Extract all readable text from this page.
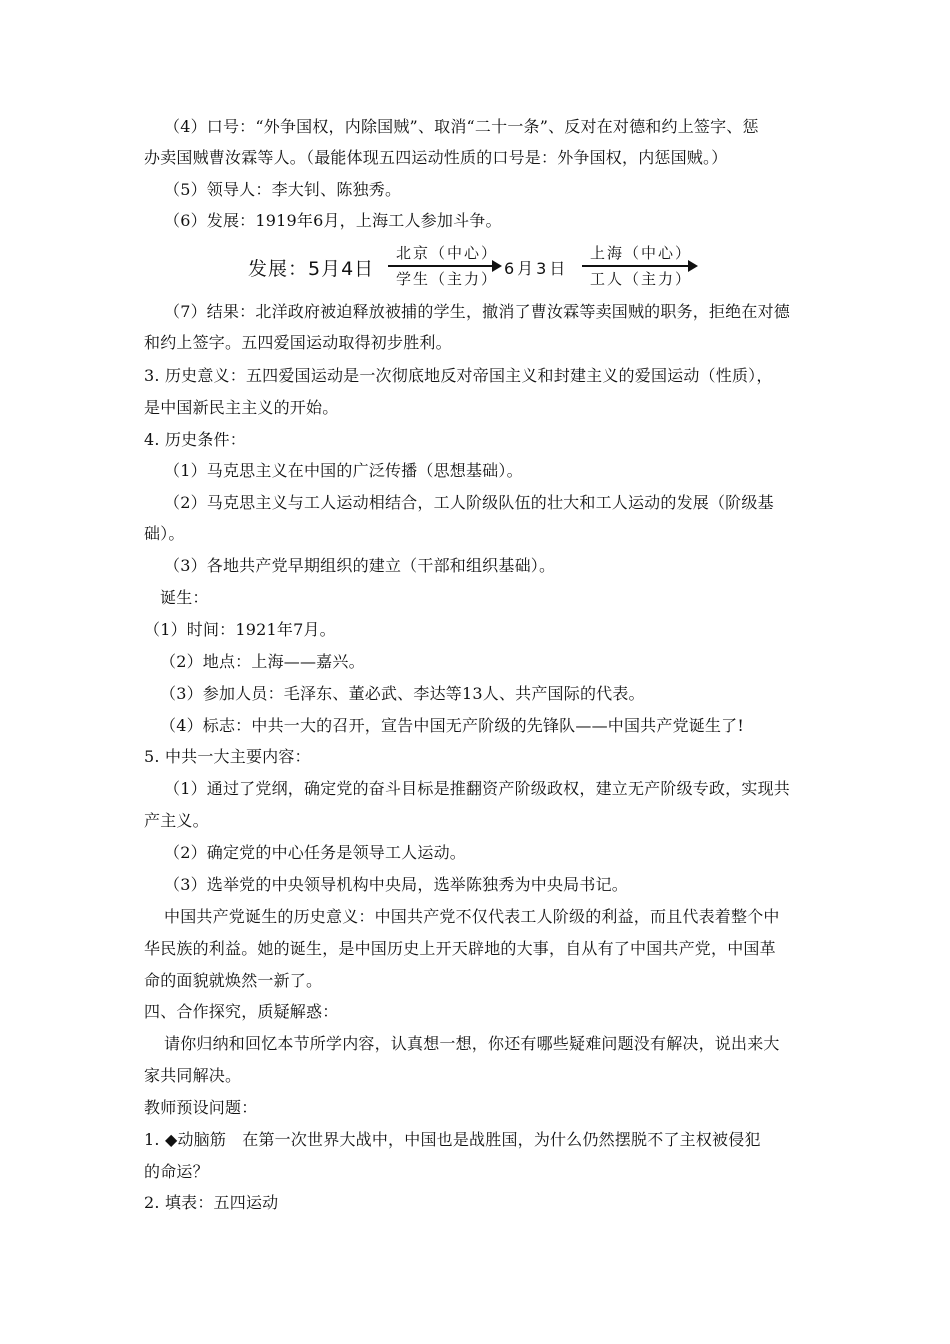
（4）口号：“外争国权，内除国贼”、取消“二十一条”、反对在对德和约上签字、惩
办卖国贼曹汝霖等人。（最能体现五四运动性质的口号是：外争国权，内惩国贼。）
（5）领导人：李大钊、陈独秀。
（6）发展：1919年6月，上海工人参加斗争。
（7）结果：北洋政府被迫释放被捕的学生，撤消了曹汝霖等卖国贼的职务，拒绝在对德
和约上签字。五四爱国运动取得初步胜利。
3. 历史意义：五四爱国运动是一次彻底地反对帝国主义和封建主义的爱国运动（性质），
是中国新民主主义的开始。
4. 历史条件：
（1）马克思主义在中国的广泛传播（思想基础）。
（2）马克思主义与工人运动相结合，工人阶级队伍的壮大和工人运动的发展（阶级基
础）。
（3）各地共产党早期组织的建立（干部和组织基础）。
诞生：
（1）时间：1921年7月。
（2）地点：上海——嘉兴。
（3）参加人员：毛泽东、董必武、李达等13人、共产国际的代表。
（4）标志：中共一大的召开，宣告中国无产阶级的先锋队——中国共产党诞生了!
5. 中共一大主要内容：
（1）通过了党纲，确定党的奋斗目标是推翻资产阶级政权，建立无产阶级专政，实现共
产主义。
（2）确定党的中心任务是领导工人运动。
（3）选举党的中央领导机构中央局，选举陈独秀为中央局书记。
中国共产党诞生的历史意义：中国共产党不仅代表工人阶级的利益，而且代表着整个中
华民族的利益。她的诞生，是中国历史上开天辟地的大事，自从有了中国共产党，中国革
命的面貌就焕然一新了。
四、合作探究，质疑解惑：
请你归纳和回忆本节所学内容，认真想一想，你还有哪些疑难问题没有解决，说出来大
家共同解决。
教师预设问题：
1. ◆动脑筋　在第一次世界大战中，中国也是战胜国，为什么仍然摆脱不了主权被侵犯
的命运？
2. 填表：五四运动
发展：5月4日
北京（中心）
学生（主力）
6月3日
上海（中心）
工人（主力）
